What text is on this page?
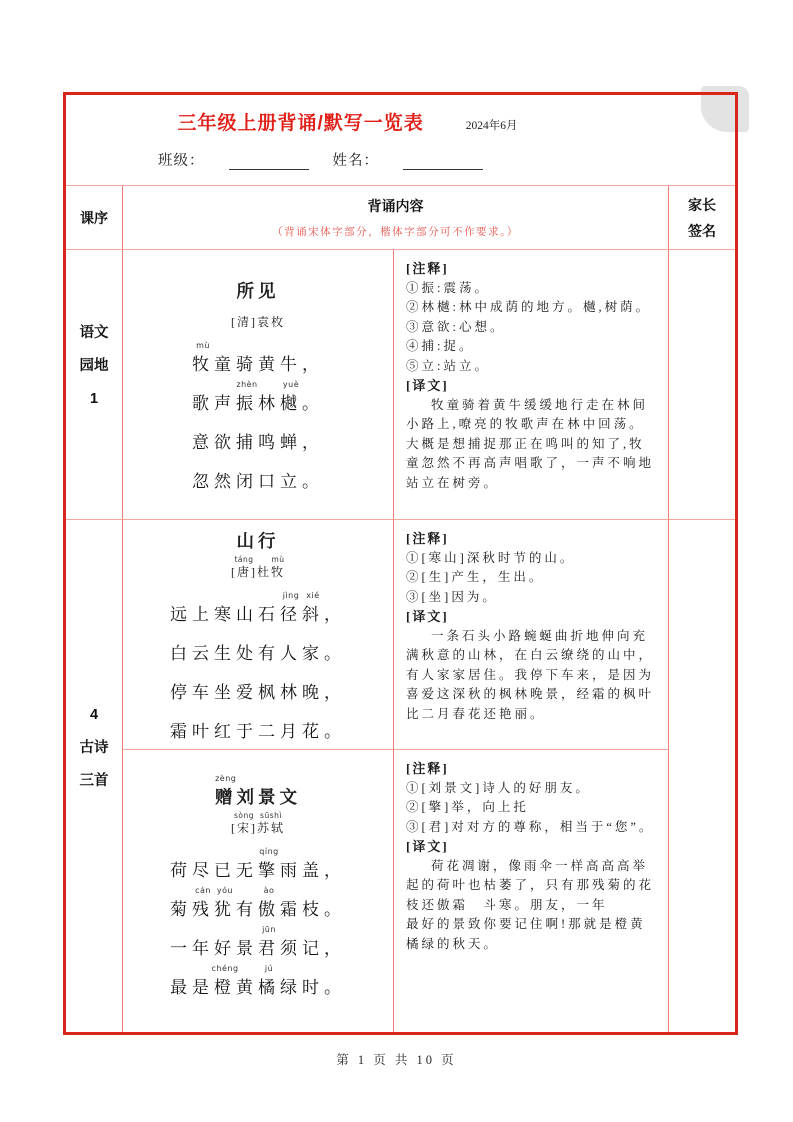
三年级上册背诵/默写一览表	2024年6月
班级：	姓名：
课序
背诵内容
（背诵宋体字部分，楷体字部分可不作要求。）
家长
签名
语文
园地
1
4
古诗
三首
所见
[清]袁枚
牧
mù
童骑黄牛，
歌声 振
zhèn
林 樾
yuè
。
意欲捕鸣蝉，
忽然闭口立。
[注释]
①振:震荡。
②林樾:林中成荫的地方。樾,树荫。
③意欲:心想。
④捕:捉。
⑤立:站立。
[译文]
牧童骑着黄牛缓缓地行走在林间小路上,嘹亮的牧歌声在林中回荡。大概是想捕捉那正在鸣叫的知了,牧童忽然不再高声唱歌了，一声不响地站立在树旁。
山行
[唐
táng
]杜牧
mù
远上寒山石 径
jìng
斜
xié
，
白云生处有人家。
停车坐爱枫林晚，
霜叶红于二月花。
[注释]
①[寒山]深秋时节的山。
②[生]产生，生出。
③[坐]因为。
[译文]
一条石头小路蜿蜒曲折地伸向充满秋意的山林，在白云缭绕的山中，有人家家居住。我停下车来，是因为喜爱这深秋的枫林晚景，经霜的枫叶比二月春花还艳丽。
赠
zèng
刘景文
[宋
sòng
]苏轼
sūshì
荷尽已无 擎
qíng
雨盖，
菊 残
cán
犹
yóu
有 傲
ào
霜枝。
一年好景 君
jūn
须记，
最是 橙
chéng
黄 橘
jú
绿时。
[注释]
①[刘景文]诗人的好朋友。
②[擎]举，向上托
③[君]对对方的尊称，相当于“您”。
[译文]
荷花凋谢，像雨伞一样高高高举起的荷叶也枯萎了，只有那残菊的花枝还傲霜　斗寒。朋友，一年
最好的景致你要记住啊!那就是橙黄橘绿的秋天。
第 1 页 共 10 页
